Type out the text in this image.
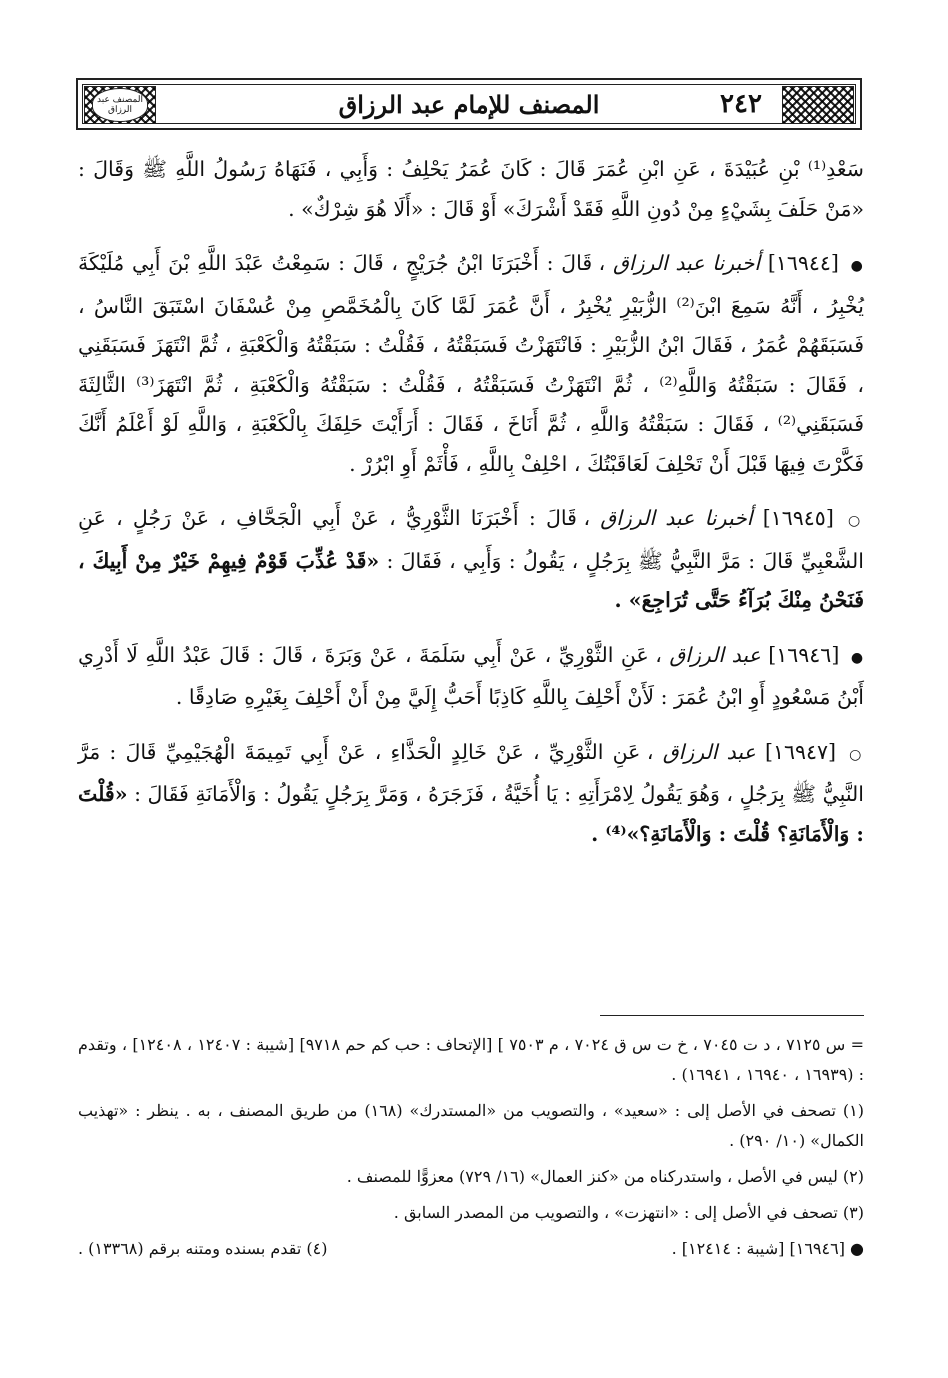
المصنف عبد الرزاق	٢٤٢
المصنف للإمام عبد الرزاق

سَعْدِ⁽¹⁾ بْنِ عُبَيْدَةَ ، عَنِ ابْنِ عُمَرَ قَالَ : كَانَ عُمَرُ يَحْلِفُ : وَأَبِي ، فَنَهَاهُ رَسُولُ اللَّهِ ﷺ وَقَالَ : «مَنْ حَلَفَ بِشَيْءٍ مِنْ دُونِ اللَّهِ فَقَدْ أَشْرَكَ» أَوْ قَالَ : «أَلَا هُوَ شِرْكٌ» .

● [١٦٩٤٤] أخبرنا عبد الرزاق ، قَالَ : أَخْبَرَنَا ابْنُ جُرَيْجٍ ، قَالَ : سَمِعْتُ عَبْدَ اللَّهِ بْنَ أَبِي مُلَيْكَةَ يُخْبِرُ ، أَنَّهُ سَمِعَ ابْنَ⁽²⁾ الزُّبَيْرِ يُخْبِرُ ، أَنَّ عُمَرَ لَمَّا كَانَ بِالْمُخَمَّصِ مِنْ عُسْفَانَ اسْتَبَقَ النَّاسُ ، فَسَبَقَهُمْ عُمَرُ ، فَقَالَ ابْنُ الزُّبَيْرِ : فَانْتَهَزْتُ فَسَبَقْتُهُ ، فَقُلْتُ : سَبَقْتُهُ وَالْكَعْبَةِ ، ثُمَّ انْتَهَزَ فَسَبَقَنِي ، فَقَالَ : سَبَقْتُهُ وَاللَّهِ⁽²⁾ ، ثُمَّ انْتَهَزْتُ فَسَبَقْتُهُ ، فَقُلْتُ : سَبَقْتُهُ وَالْكَعْبَةِ ، ثُمَّ انْتَهَزَ⁽³⁾ الثَّالِثَةَ فَسَبَقَنِي⁽²⁾ ، فَقَالَ : سَبَقْتُهُ وَاللَّهِ ، ثُمَّ أَنَاخَ ، فَقَالَ : أَرَأَيْتَ حَلِفَكَ بِالْكَعْبَةِ ، وَاللَّهِ لَوْ أَعْلَمُ أَنَّكَ فَكَّرْتَ فِيهَا قَبْلَ أَنْ تَحْلِفَ لَعَاقَبْتُكَ ، احْلِفْ بِاللَّهِ ، فَأْثَمْ أَوِ ابْرُرْ .

○ [١٦٩٤٥] أخبرنا عبد الرزاق ، قَالَ : أَخْبَرَنَا الثَّوْرِيُّ ، عَنْ أَبِي الْجَحَّافِ ، عَنْ رَجُلٍ ، عَنِ الشَّعْبِيِّ قَالَ : مَرَّ النَّبِيُّ ﷺ بِرَجُلٍ ، يَقُولُ : وَأَبِي ، فَقَالَ : «قَدْ عُذِّبَ قَوْمٌ فِيهِمْ خَيْرٌ مِنْ أَبِيكَ ، فَنَحْنُ مِنْكَ بُرَآءُ حَتَّى تُرَاجِعَ» .

● [١٦٩٤٦] عبد الرزاق ، عَنِ الثَّوْرِيِّ ، عَنْ أَبِي سَلَمَةَ ، عَنْ وَبَرَةَ ، قَالَ : قَالَ عَبْدُ اللَّهِ لَا أَدْرِي أَبْنُ مَسْعُودٍ أَوِ ابْنُ عُمَرَ : لَأَنْ أَحْلِفَ بِاللَّهِ كَاذِبًا أَحَبُّ إِلَيَّ مِنْ أَنْ أَحْلِفَ بِغَيْرِهِ صَادِقًا .

○ [١٦٩٤٧] عبد الرزاق ، عَنِ الثَّوْرِيِّ ، عَنْ خَالِدٍ الْحَذَّاءِ ، عَنْ أَبِي تَمِيمَةَ الْهُجَيْمِيِّ قَالَ : مَرَّ النَّبِيُّ ﷺ بِرَجُلٍ ، وَهُوَ يَقُولُ لِامْرَأَتِهِ : يَا أُخَيَّةُ ، فَزَجَرَهُ ، وَمَرَّ بِرَجُلٍ يَقُولُ : وَالْأَمَانَةِ فَقَالَ : «قُلْتَ : وَالْأَمَانَةِ؟ قُلْتَ : وَالْأَمَانَةِ؟»⁽⁴⁾ .

= س ٧١٢٥ ، د ت ٧٠٤٥ ، خ ت س ق ٧٠٢٤ ، م ٧٥٠٣ ] [الإتحاف : حب كم حم ٩٧١٨] [شيبة : ١٢٤٠٧ ، ١٢٤٠٨] ، وتقدم : (١٦٩٣٩ ، ١٦٩٤٠ ، ١٦٩٤١) .

(١) تصحف في الأصل إلى : «سعيد» ، والتصويب من «المستدرك» (١٦٨) من طريق المصنف ، به . ينظر : «تهذيب الكمال» (١٠/ ٢٩٠) .

(٢) ليس في الأصل ، واستدركناه من «كنز العمال» (١٦/ ٧٢٩) معزوًّا للمصنف .

(٣) تصحف في الأصل إلى : «انتهزت» ، والتصويب من المصدر السابق .

● [١٦٩٤٦] [شيبة : ١٢٤١٤] .
(٤) تقدم بسنده ومتنه برقم (١٣٣٦٨) .
